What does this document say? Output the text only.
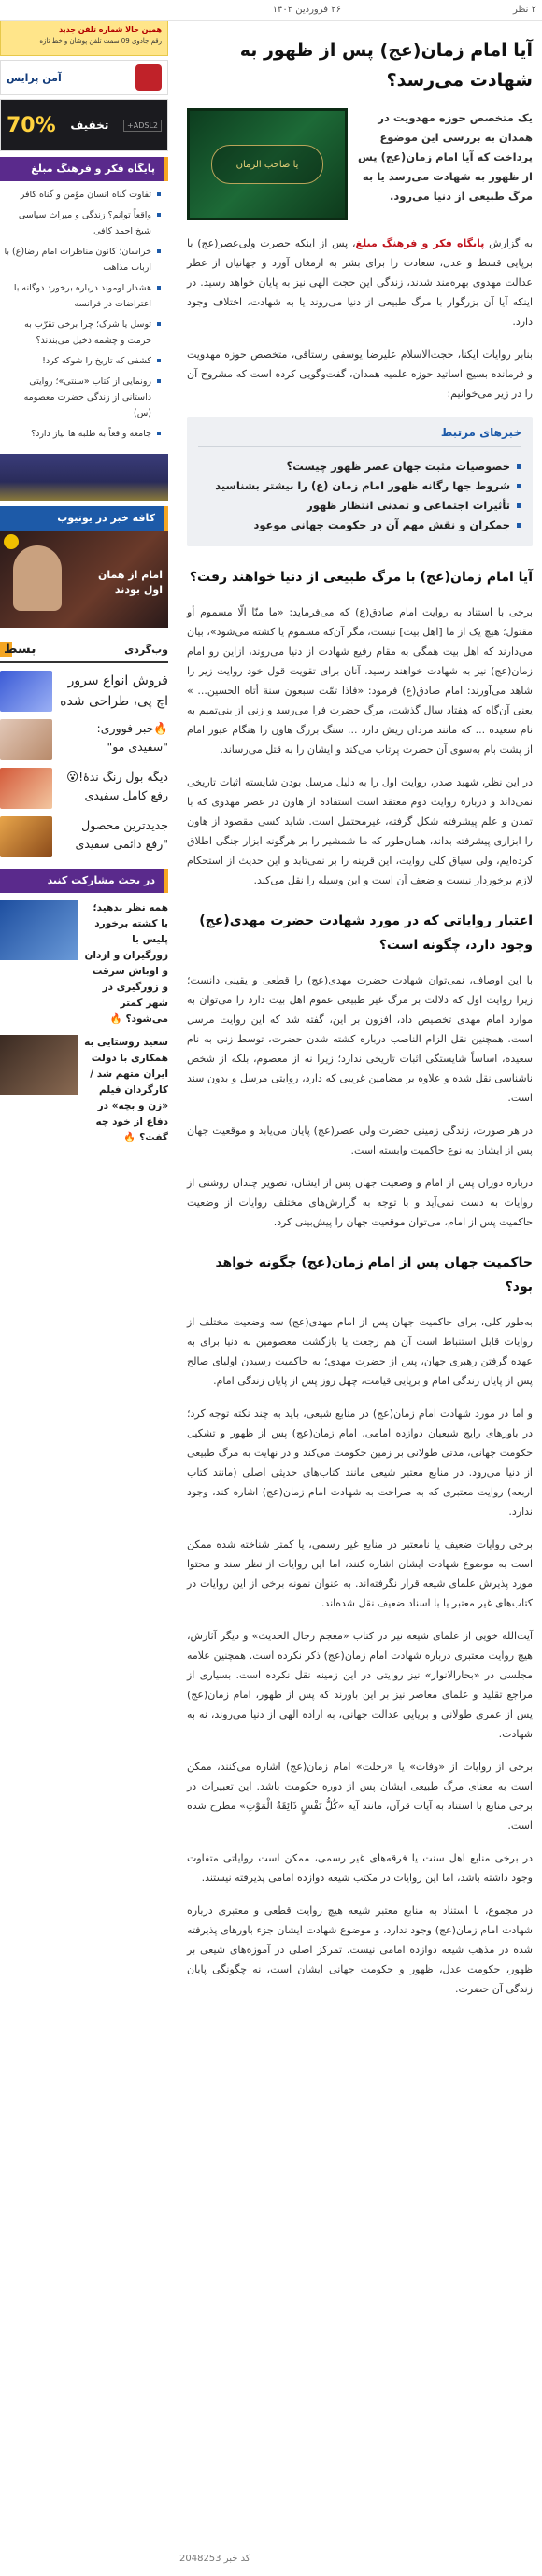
۲ نظر
۲۶ فروردین ۱۴۰۲
آیا امام زمان(عج) پس از ظهور به شهادت می‌رسد؟
یک متخصص حوزه مهدویت در همدان به بررسی این موضوع پرداخت که آیا امام زمان(عج) پس از ظهور به شهادت می‌رسد یا به مرگ طبیعی از دنیا می‌رود.
یا صاحب الزمان

به گزارش پایگاه فکر و فرهنگ مبلغ، پس از اینکه حضرت ولی‌عصر(عج) با برپایی قسط و عدل، سعادت را برای بشر به ارمغان آورد و جهانیان از عطر عدالت مهدوی بهره‌مند شدند، زندگی این حجت الهی نیز به پایان خواهد رسید. در اینکه آیا آن بزرگوار با مرگ طبیعی از دنیا می‌روند یا به شهادت، اختلاف وجود دارد.

بنابر روایات ایکنا، حجت‌الاسلام علیرضا یوسفی رستاقی، متخصص حوزه مهدویت و فرمانده بسیج اساتید حوزه علمیه همدان، گفت‌وگویی کرده است که مشروح آن را در زیر می‌خوانیم:

خبرهای مرتبط
خصوصیات مثبت جهان عصر ظهور چیست؟
شروط جها رگانه ظهور امام زمان (ع) را بیشتر بشناسید
تأثیرات اجتماعی و تمدنی انتظار ظهور
جمکران و نقش مهم آن در حکومت جهانی موعود
آیا امام زمان(عج) با مرگ طبیعی از دنیا خواهند رفت؟

برخی با استناد به روایت امام صادق(ع) که می‌فرماید: «ما منّا الّا مسموم أو مقتول؛ هیچ یک از ما [اهل بیت] نیست، مگر آن‌که مسموم یا کشته می‌شود»، بیان می‌دارند که اهل بیت همگی به مقام رفیع شهادت از دنیا می‌روند، ازاین رو امام زمان(عج) نیز به شهادت خواهند رسید. آنان برای تقویت قول خود روایت زیر را شاهد می‌آورند: امام صادق(ع) فرمود: «فاذا تمّت سبعون سنة أتاه الحسین... » یعنی آن‌گاه که هفتاد سال گذشت، مرگ حضرت فرا می‌رسد و زنی از بنی‌تمیم به نام سعیده ... که مانند مردان ریش دارد ... سنگ بزرگ هاون را هنگام عبور امام از پشت بام به‌سوی آن حضرت پرتاب می‌کند و ایشان را به قتل می‌رساند.

در این نظر، شهید صدر، روایت اول را به دلیل مرسل بودن شایسته اثبات تاریخی نمی‌داند و درباره روایت دوم معتقد است استفاده از هاون در عصر مهدوی که با تمدن و علم پیشرفته شکل گرفته، غیرمحتمل است. شاید کسی مقصود از هاون را ابزاری پیشرفته بداند، همان‌طور که ما شمشیر را بر هرگونه ابزار جنگی اطلاق کرده‌ایم، ولی سیاق کلی روایت، این قرینه را بر نمی‌تابد و این حدیث از استحکام لازم برخوردار نیست و ضعف آن است و این وسیله را نقل می‌کند.

اعتبار روایاتی که در مورد شهادت حضرت مهدی(عج) وجود دارد، چگونه است؟

با این اوصاف، نمی‌توان شهادت حضرت مهدی(عج) را قطعی و یقینی دانست؛ زیرا روایت اول که دلالت بر مرگ غیر طبیعی عموم اهل بیت دارد را می‌توان به موارد امام مهدی تخصیص داد، افزون بر این، گفته شد که این روایت مرسل است. همچنین نقل الزام الناصب درباره کشته شدن حضرت، توسط زنی به نام سعیده، اساساً شایستگی اثبات تاریخی ندارد؛ زیرا نه از معصوم، بلکه از شخص ناشناسی نقل شده و علاوه بر مضامین غریبی که دارد، روایتی مرسل و بدون سند است.

در هر صورت، زندگی زمینی حضرت ولی عصر(عج) پایان می‌یابد و موقعیت جهان پس از ایشان به نوع حاکمیت وابسته است.

درباره دوران پس از امام و وضعیت جهان پس از ایشان، تصویر چندان روشنی از روایات به دست نمی‌آید و با توجه به گزارش‌های مختلف روایات از وضعیت حاکمیت پس از امام، می‌توان موقعیت جهان را پیش‌بینی کرد.

حاکمیت جهان پس از امام زمان(عج) چگونه خواهد بود؟

به‌طور کلی، برای حاکمیت جهان پس از امام مهدی(عج) سه وضعیت مختلف از روایات قابل استنباط است آن هم رجعت یا بازگشت معصومین به دنیا برای به عهده گرفتن رهبری جهان، پس از حضرت مهدی؛ به حاکمیت رسیدن اولیای صالح پس از پایان زندگی امام و برپایی قیامت، چهل روز پس از پایان زندگی امام.

و اما در مورد شهادت امام زمان(عج) در منابع شیعی، باید به چند نکته توجه کرد؛ در باورهای رایج شیعیان دوازده امامی، امام زمان(عج) پس از ظهور و تشکیل حکومت جهانی، مدتی طولانی بر زمین حکومت می‌کند و در نهایت به مرگ طبیعی از دنیا می‌رود. در منابع معتبر شیعی مانند کتاب‌های حدیثی اصلی (مانند کتاب اربعه) روایت معتبری که به صراحت به شهادت امام زمان(عج) اشاره کند، وجود ندارد.

برخی روایات ضعیف یا نامعتبر در منابع غیر رسمی، یا کمتر شناخته شده ممکن است به موضوع شهادت ایشان اشاره کنند، اما این روایات از نظر سند و محتوا مورد پذیرش علمای شیعه قرار نگرفته‌اند. به عنوان نمونه برخی از این روایات در کتاب‌های غیر معتبر یا با اسناد ضعیف نقل شده‌اند.

آیت‌الله خویی از علمای شیعه نیز در کتاب «معجم رجال الحدیث» و دیگر آثارش، هیچ روایت معتبری درباره شهادت امام زمان(عج) ذکر نکرده است. همچنین علامه مجلسی در «بحارالانوار» نیز روایتی در این زمینه نقل نکرده است. بسیاری از مراجع تقلید و علمای معاصر نیز بر این باورند که پس از ظهور، امام زمان(عج) پس از عمری طولانی و برپایی عدالت جهانی، به اراده الهی از دنیا می‌روند، نه به شهادت.

برخی از روایات از «وفات» یا «رحلت» امام زمان(عج) اشاره می‌کنند، ممکن است به معنای مرگ طبیعی ایشان پس از دوره حکومت باشد. این تعبیرات در برخی منابع با استناد به آیات قرآن، مانند آیه «کُلُّ نَفْسٍ ذَائِقَةُ الْمَوْتِ» مطرح شده است.

در برخی منابع اهل سنت یا فرقه‌های غیر رسمی، ممکن است روایاتی متفاوت وجود داشته باشد، اما این روایات در مکتب شیعه دوازده امامی پذیرفته نیستند.

در مجموع، با استناد به منابع معتبر شیعه هیچ روایت قطعی و معتبری درباره شهادت امام زمان(عج) وجود ندارد، و موضوع شهادت ایشان جزء باورهای پذیرفته شده در مذهب شیعه دوازده امامی نیست. تمرکز اصلی در آموزه‌های شیعی بر ظهور، حکومت عدل، ظهور و حکومت جهانی ایشان است، نه چگونگی پایان زندگی آن حضرت.

کد خبر 2048253
همین حالا شماره تلفن جدید
رقم جادوی 09 سمت تلفن پوشان و خط تازه
آمن پرایس
ADSL2+
تخفیف
70%
پایگاه فکر و فرهنگ مبلغ
تفاوت گناه انسان مؤمن و گناه کافر
واقعاً توانم؟ زندگی و میراث سیاسی شیخ احمد کافی
خراسان؛ کانون مناظرات امام رضا(ع) با ارباب مذاهب
هشدار لوموند درباره برخورد دوگانه با اعتراضات در فرانسه
توسل یا شرک؛ چرا برخی تقرّب به حرمت و چشمه دخیل می‌بندند؟
کشفی که تاریخ را شوکه کرد!
رونمایی از کتاب «سنتی‌»؛ روایتی داستانی از زندگی حضرت معصومه (س)
جامعه واقعاً به طلبه ها نیاز دارد؟
کافه خبر در یوتیوب
امام از همان اول بودند
وب‌گردی
بسط
فروش انواع سرور اچ پی، طراحی شده
🔥خبر فووری: "سفیدی مو"
دیگه بول رنگ ندهٔ!😮 رفع کامل سفیدی
جدیدترین محصول "رفع دائمی سفیدی
در بحث مشارکت کنید
همه نظر بدهید؛ با کشته برخورد پلیس با زورگیران و ازدان و اوباش سرقت و زورگیری در شهر کمتر می‌شود؟ 🔥
سعید روستایی به همکاری با دولت ایران متهم شد / کارگردان فیلم «زن و بچه» در دفاع از خود چه گفت؟ 🔥
